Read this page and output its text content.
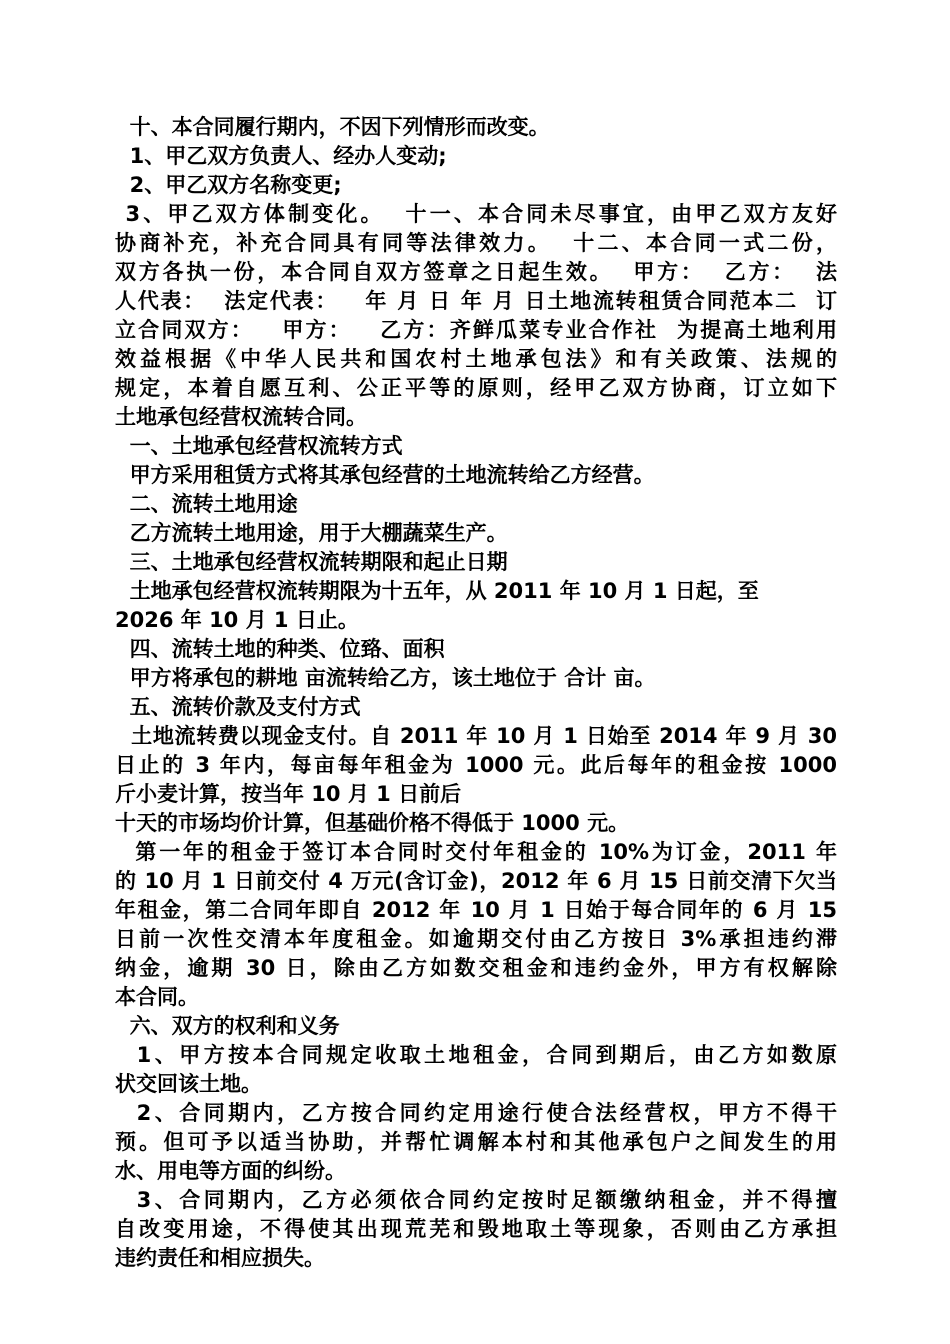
十、本合同履行期内，不因下列情形而改变。
1、甲乙双方负责人、经办人变动;
2、甲乙双方名称变更;
3、甲乙双方体制变化。  十一、本合同未尽事宜，由甲乙双方友好
协商补充，补充合同具有同等法律效力。  十二、本合同一式二份，
双方各执一份，本合同自双方签章之日起生效。  甲方：  乙方：  法
人代表：  法定代表：   年 月 日 年 月 日土地流转租赁合同范本二  订
立合同双方：   甲方：   乙方：齐鲜瓜菜专业合作社  为提高土地利用
效益根据《中华人民共和国农村土地承包法》和有关政策、法规的
规定，本着自愿互利、公正平等的原则，经甲乙双方协商，订立如下
土地承包经营权流转合同。
一、土地承包经营权流转方式
甲方采用租赁方式将其承包经营的土地流转给乙方经营。
二、流转土地用途
乙方流转土地用途，用于大棚蔬菜生产。
三、土地承包经营权流转期限和起止日期
土地承包经营权流转期限为十五年，从 2011 年 10 月 1 日起，至
2026 年 10 月 1 日止。
四、流转土地的种类、位臵、面积
甲方将承包的耕地 亩流转给乙方，该土地位于 合计 亩。
五、流转价款及支付方式
土地流转费以现金支付。自 2011 年 10 月 1 日始至 2014 年 9 月 30
日止的 3 年内，每亩每年租金为 1000 元。此后每年的租金按 1000
斤小麦计算，按当年 10 月 1 日前后
十天的市场均价计算，但基础价格不得低于 1000 元。
第一年的租金于签订本合同时交付年租金的 10%为订金，2011 年
的 10 月 1 日前交付 4 万元(含订金)，2012 年 6 月 15 日前交清下欠当
年租金，第二合同年即自 2012 年 10 月 1 日始于每合同年的 6 月 15
日前一次性交清本年度租金。如逾期交付由乙方按日 3%承担违约滞
纳金，逾期 30 日，除由乙方如数交租金和违约金外，甲方有权解除
本合同。
六、双方的权利和义务
1、甲方按本合同规定收取土地租金，合同到期后，由乙方如数原
状交回该土地。
2、合同期内，乙方按合同约定用途行使合法经营权，甲方不得干
预。但可予以适当协助，并帮忙调解本村和其他承包户之间发生的用
水、用电等方面的纠纷。
3、合同期内，乙方必须依合同约定按时足额缴纳租金，并不得擅
自改变用途，不得使其出现荒芜和毁地取土等现象，否则由乙方承担
违约责任和相应损失。
